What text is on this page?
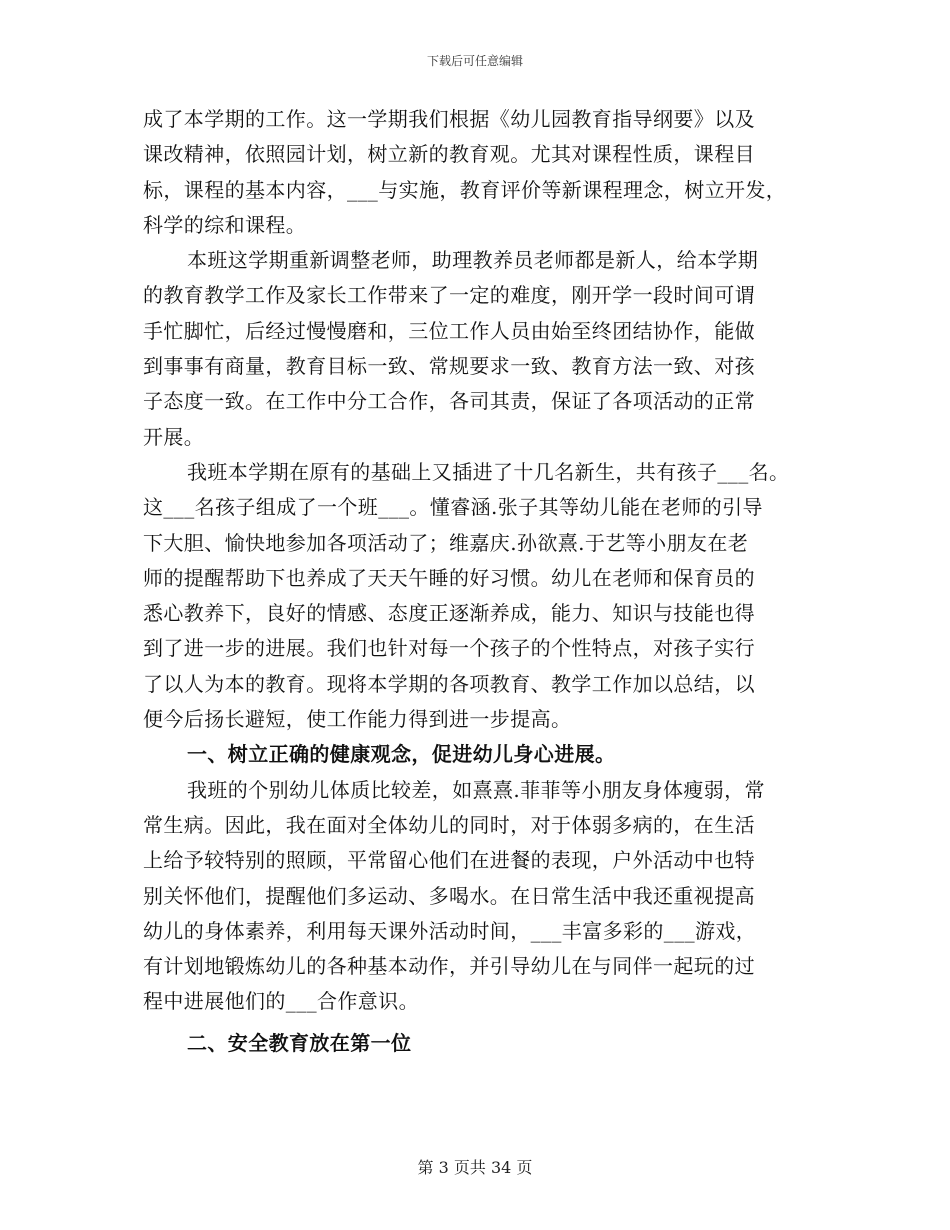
下载后可任意编辑
成了本学期的工作。这一学期我们根据《幼儿园教育指导纲要》以及
课改精神，依照园计划，树立新的教育观。尤其对课程性质，课程目
标，课程的基本内容，___与实施，教育评价等新课程理念，树立开发，
科学的综和课程。
本班这学期重新调整老师，助理教养员老师都是新人，给本学期
的教育教学工作及家长工作带来了一定的难度，刚开学一段时间可谓
手忙脚忙，后经过慢慢磨和，三位工作人员由始至终团结协作，能做
到事事有商量，教育目标一致、常规要求一致、教育方法一致、对孩
子态度一致。在工作中分工合作，各司其责，保证了各项活动的正常
开展。
我班本学期在原有的基础上又插进了十几名新生，共有孩子___名。
这___名孩子组成了一个班___。懂睿涵.张子其等幼儿能在老师的引导
下大胆、愉快地参加各项活动了；维嘉庆.孙欲熹.于艺等小朋友在老
师的提醒帮助下也养成了天天午睡的好习惯。幼儿在老师和保育员的
悉心教养下，良好的情感、态度正逐渐养成，能力、知识与技能也得
到了进一步的进展。我们也针对每一个孩子的个性特点，对孩子实行
了以人为本的教育。现将本学期的各项教育、教学工作加以总结，以
便今后扬长避短，使工作能力得到进一步提高。
一、树立正确的健康观念，促进幼儿身心进展。
我班的个别幼儿体质比较差，如熹熹.菲菲等小朋友身体瘦弱，常
常生病。因此，我在面对全体幼儿的同时，对于体弱多病的，在生活
上给予较特别的照顾，平常留心他们在进餐的表现，户外活动中也特
别关怀他们，提醒他们多运动、多喝水。在日常生活中我还重视提高
幼儿的身体素养，利用每天课外活动时间，___丰富多彩的___游戏，
有计划地锻炼幼儿的各种基本动作，并引导幼儿在与同伴一起玩的过
程中进展他们的___合作意识。
二、安全教育放在第一位
第 3 页共 34 页
